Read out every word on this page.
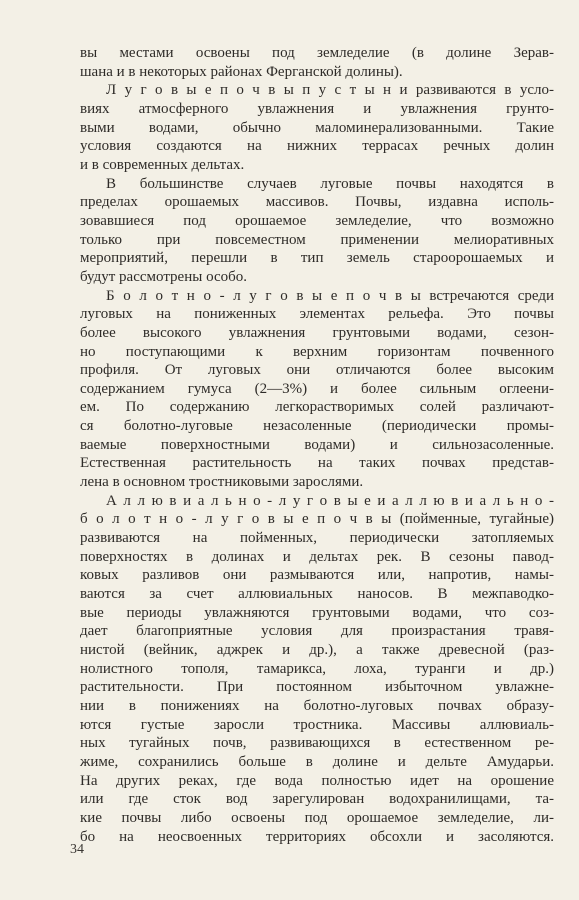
вы местами освоены под земледелие (в долине Зерав-
шана и в некоторых районах Ферганской долины).
Л у г о в ы е п о ч в ы п у с т ы н и развиваются в усло-
виях атмосферного увлажнения и увлажнения грунто-
выми водами, обычно маломинерализованными. Такие
условия создаются на нижних террасах речных долин
и в современных дельтах.
В большинстве случаев луговые почвы находятся в
пределах орошаемых массивов. Почвы, издавна исполь-
зовавшиеся под орошаемое земледелие, что возможно
только при повсеместном применении мелиоративных
мероприятий, перешли в тип земель староорошаемых и
будут рассмотрены особо.
Б о л о т н о - л у г о в ы е п о ч в ы встречаются среди
луговых на пониженных элементах рельефа. Это почвы
более высокого увлажнения грунтовыми водами, сезон-
но поступающими к верхним горизонтам почвенного
профиля. От луговых они отличаются более высоким
содержанием гумуса (2—3%) и более сильным оглеени-
ем. По содержанию легкорастворимых солей различают-
ся болотно-луговые незасоленные (периодически промы-
ваемые поверхностными водами) и сильнозасоленные.
Естественная растительность на таких почвах представ-
лена в основном тростниковыми зарослями.
А л л ю в и а л ь н о - л у г о в ы е и а л л ю в и а л ь н о -
б о л о т н о - л у г о в ы е п о ч в ы (пойменные, тугайные)
развиваются на пойменных, периодически затопляемых
поверхностях в долинах и дельтах рек. В сезоны павод-
ковых разливов они размываются или, напротив, намы-
ваются за счет аллювиальных наносов. В межпаводко-
вые периоды увлажняются грунтовыми водами, что соз-
дает благоприятные условия для произрастания травя-
нистой (вейник, аджрек и др.), а также древесной (раз-
нолистного тополя, тамарикса, лоха, туранги и др.)
растительности. При постоянном избыточном увлажне-
нии в понижениях на болотно-луговых почвах образу-
ются густые заросли тростника. Массивы аллювиаль-
ных тугайных почв, развивающихся в естественном ре-
жиме, сохранились больше в долине и дельте Амударьи.
На других реках, где вода полностью идет на орошение
или где сток вод зарегулирован водохранилищами, та-
кие почвы либо освоены под орошаемое земледелие, ли-
бо на неосвоенных территориях обсохли и засоляются.
34
